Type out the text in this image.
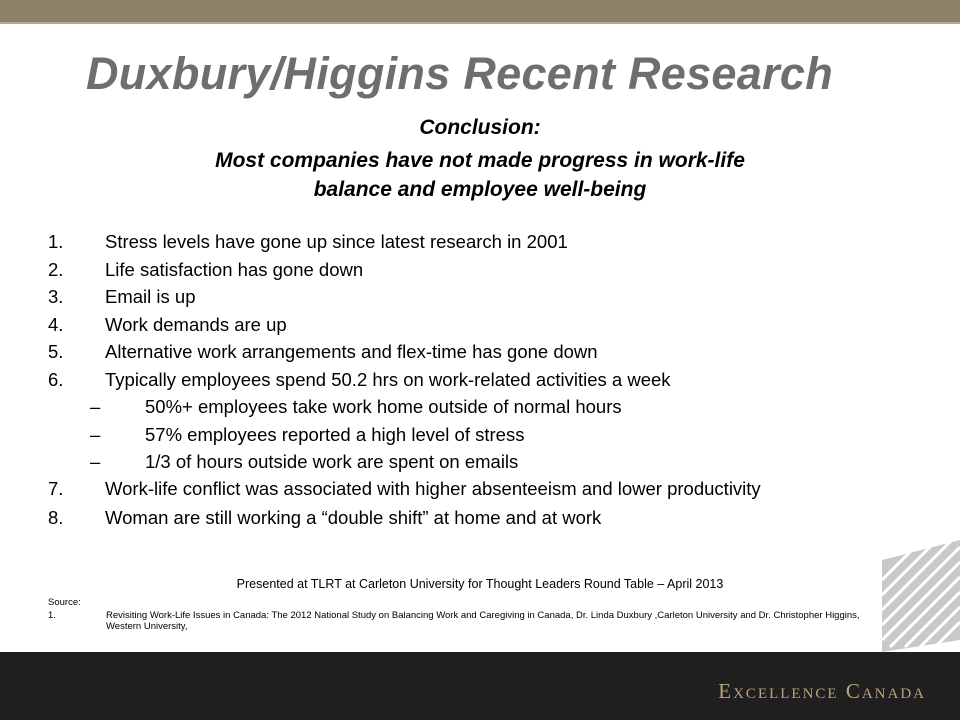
Duxbury/Higgins Recent Research
Conclusion:
Most companies have not made progress in work-life
balance and employee well-being
1. Stress levels have gone up since latest research in 2001
2. Life satisfaction has gone down
3. Email is up
4. Work demands are up
5. Alternative work arrangements and flex-time has gone down
6. Typically employees spend 50.2 hrs on work-related activities a week
– 50%+ employees take work home outside of normal hours
– 57% employees reported a high level of stress
– 1/3 of hours outside work are spent on emails
7. Work-life conflict was associated with higher absenteeism and lower productivity
8. Woman are still working a “double shift” at home and at work
Presented at TLRT at Carleton University for Thought Leaders Round Table – April 2013
Source:
1.	Revisiting Work-Life Issues in Canada: The 2012 National Study on Balancing Work and Caregiving in Canada, Dr. Linda Duxbury ,Carleton University and Dr. Christopher Higgins, Western University,
Excellence Canada
